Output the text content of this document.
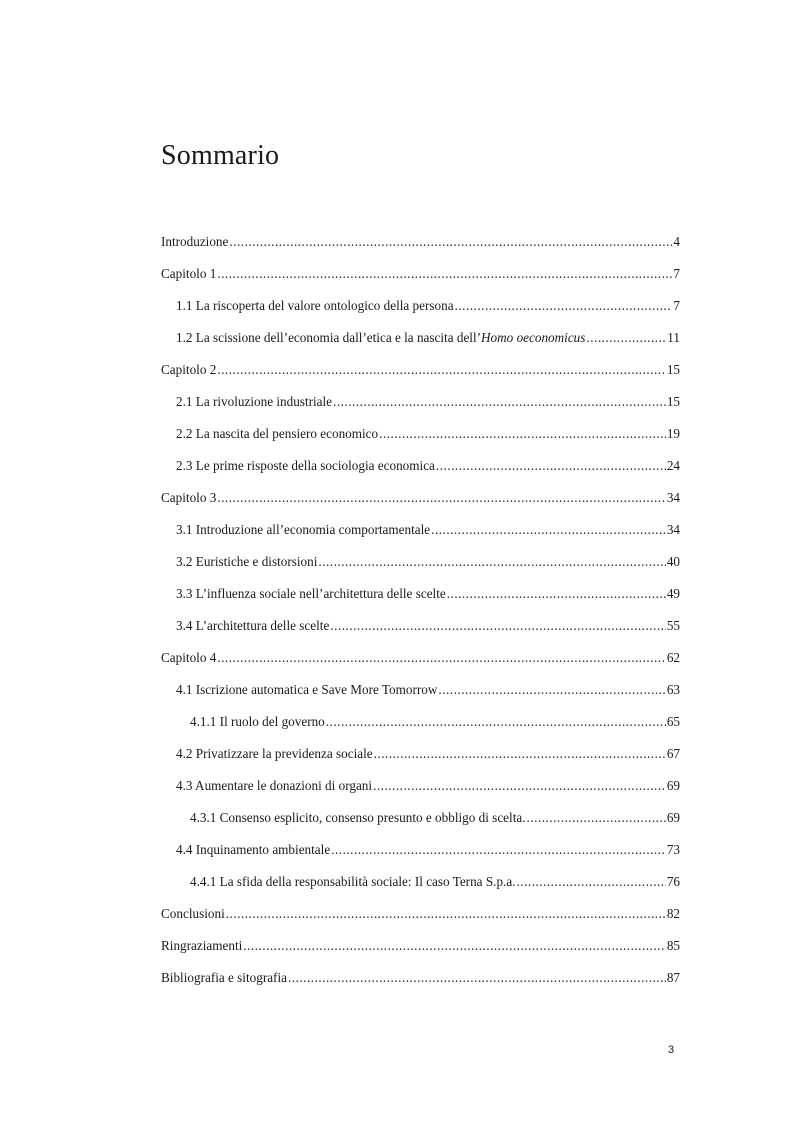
Sommario
Introduzione .....	4
Capitolo 1 .....	7
1.1 La riscoperta del valore ontologico della persona .....	7
1.2 La scissione dell’economia dall’etica e la nascita dell’Homo oeconomicus .....	11
Capitolo 2 .....	15
2.1 La rivoluzione industriale .....	15
2.2 La nascita del pensiero economico .....	19
2.3 Le prime risposte della sociologia economica .....	24
Capitolo 3 .....	34
3.1 Introduzione all’economia comportamentale .....	34
3.2 Euristiche e distorsioni .....	40
3.3 L’influenza sociale nell’architettura delle scelte .....	49
3.4 L’architettura delle scelte .....	55
Capitolo 4 .....	62
4.1 Iscrizione automatica e Save More Tomorrow .....	63
4.1.1 Il ruolo del governo .....	65
4.2 Privatizzare la previdenza sociale .....	67
4.3 Aumentare le donazioni di organi .....	69
4.3.1 Consenso esplicito, consenso presunto e obbligo di scelta. .....	69
4.4 Inquinamento ambientale .....	73
4.4.1 La sfida della responsabilità sociale: Il caso Terna S.p.a. .....	76
Conclusioni .....	82
Ringraziamenti .....	85
Bibliografia e sitografia .....	87
3
